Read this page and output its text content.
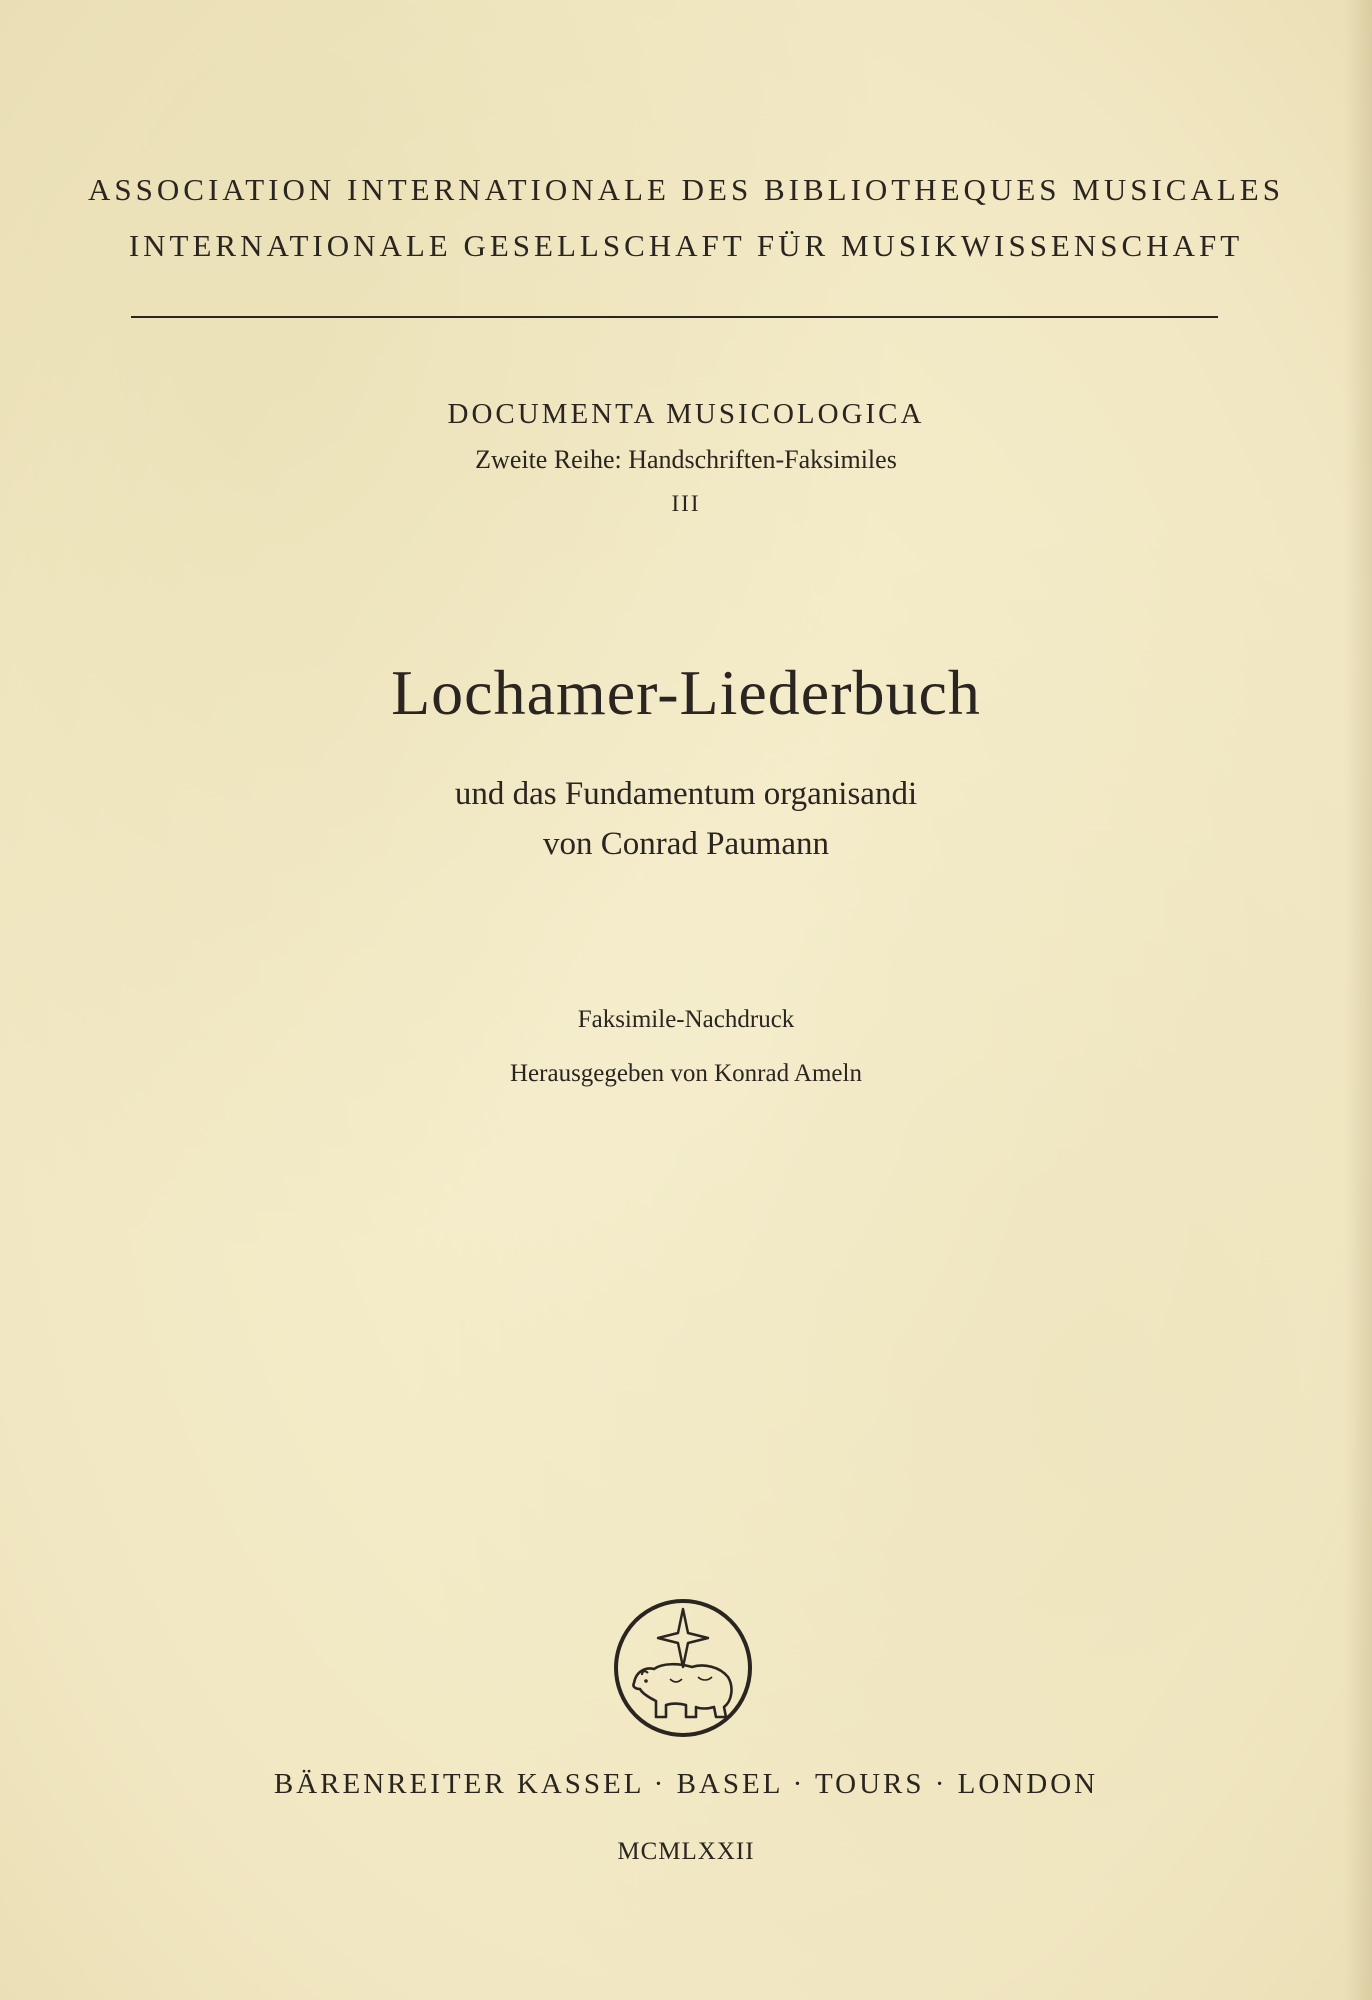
ASSOCIATION INTERNATIONALE DES BIBLIOTHEQUES MUSICALES
INTERNATIONALE GESELLSCHAFT FÜR MUSIKWISSENSCHAFT
DOCUMENTA MUSICOLOGICA
Zweite Reihe: Handschriften-Faksimiles
III
Lochamer-Liederbuch
und das Fundamentum organisandi
von Conrad Paumann
Faksimile-Nachdruck
Herausgegeben von Konrad Ameln
BÄRENREITER KASSEL · BASEL · TOURS · LONDON
MCMLXXII
